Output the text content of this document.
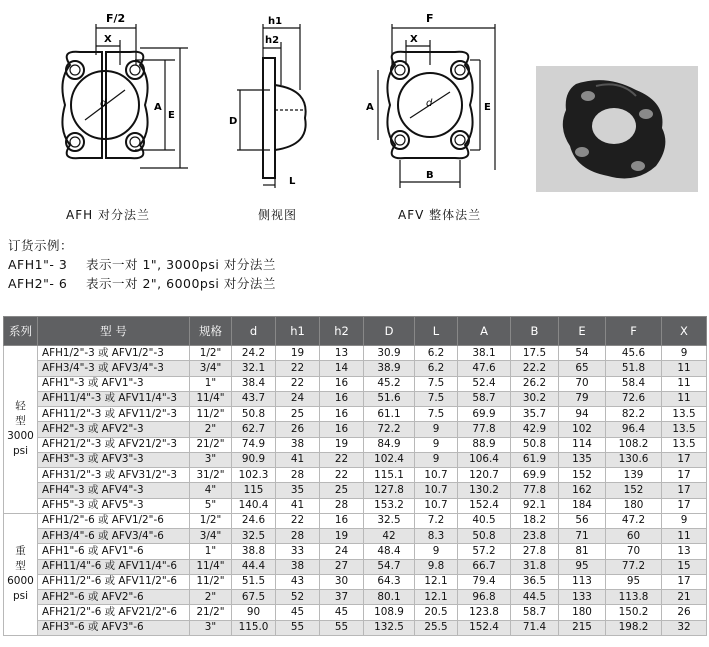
F/2
X
d	A
E
h1
h2
D
L
F
X
d
A	E
B
AFH 对分法兰	侧视图	AFV 整体法兰
订货示例：
AFH1"- 3 表示一对 1", 3000psi 对分法兰
AFH2"- 6 表示一对 2", 6000psi 对分法兰
系列	型 号	规格	d	h1	h2	D	L	A	B	E	F	X

轻
型
3000
psi	AFH1/2"-3 或 AFV1/2"-3	1/2"	24.2	19	13	30.9	6.2	38.1	17.5	54	45.6	9
	AFH3/4"-3 或 AFV3/4"-3	3/4"	32.1	22	14	38.9	6.2	47.6	22.2	65	51.8	11
	AFH1"-3 或 AFV1"-3	1"	38.4	22	16	45.2	7.5	52.4	26.2	70	58.4	11
	AFH11/4"-3 或 AFV11/4"-3	11/4"	43.7	24	16	51.6	7.5	58.7	30.2	79	72.6	11
	AFH11/2"-3 或 AFV11/2"-3	11/2"	50.8	25	16	61.1	7.5	69.9	35.7	94	82.2	13.5
	AFH2"-3 或 AFV2"-3	2"	62.7	26	16	72.2	9	77.8	42.9	102	96.4	13.5
	AFH21/2"-3 或 AFV21/2"-3	21/2"	74.9	38	19	84.9	9	88.9	50.8	114	108.2	13.5
	AFH3"-3 或 AFV3"-3	3"	90.9	41	22	102.4	9	106.4	61.9	135	130.6	17
	AFH31/2"-3 或 AFV31/2"-3	31/2"	102.3	28	22	115.1	10.7	120.7	69.9	152	139	17
	AFH4"-3 或 AFV4"-3	4"	115	35	25	127.8	10.7	130.2	77.8	162	152	17
	AFH5"-3 或 AFV5"-3	5"	140.4	41	28	153.2	10.7	152.4	92.1	184	180	17

重
型
6000
psi	AFH1/2"-6 或 AFV1/2"-6	1/2"	24.6	22	16	32.5	7.2	40.5	18.2	56	47.2	9
	AFH3/4"-6 或 AFV3/4"-6	3/4"	32.5	28	19	42	8.3	50.8	23.8	71	60	11
	AFH1"-6 或 AFV1"-6	1"	38.8	33	24	48.4	9	57.2	27.8	81	70	13
	AFH11/4"-6 或 AFV11/4"-6	11/4"	44.4	38	27	54.7	9.8	66.7	31.8	95	77.2	15
	AFH11/2"-6 或 AFV11/2"-6	11/2"	51.5	43	30	64.3	12.1	79.4	36.5	113	95	17
	AFH2"-6 或 AFV2"-6	2"	67.5	52	37	80.1	12.1	96.8	44.5	133	113.8	21
	AFH21/2"-6 或 AFV21/2"-6	21/2"	90	45	45	108.9	20.5	123.8	58.7	180	150.2	26
	AFH3"-6 或 AFV3"-6	3"	115.0	55	55	132.5	25.5	152.4	71.4	215	198.2	32
